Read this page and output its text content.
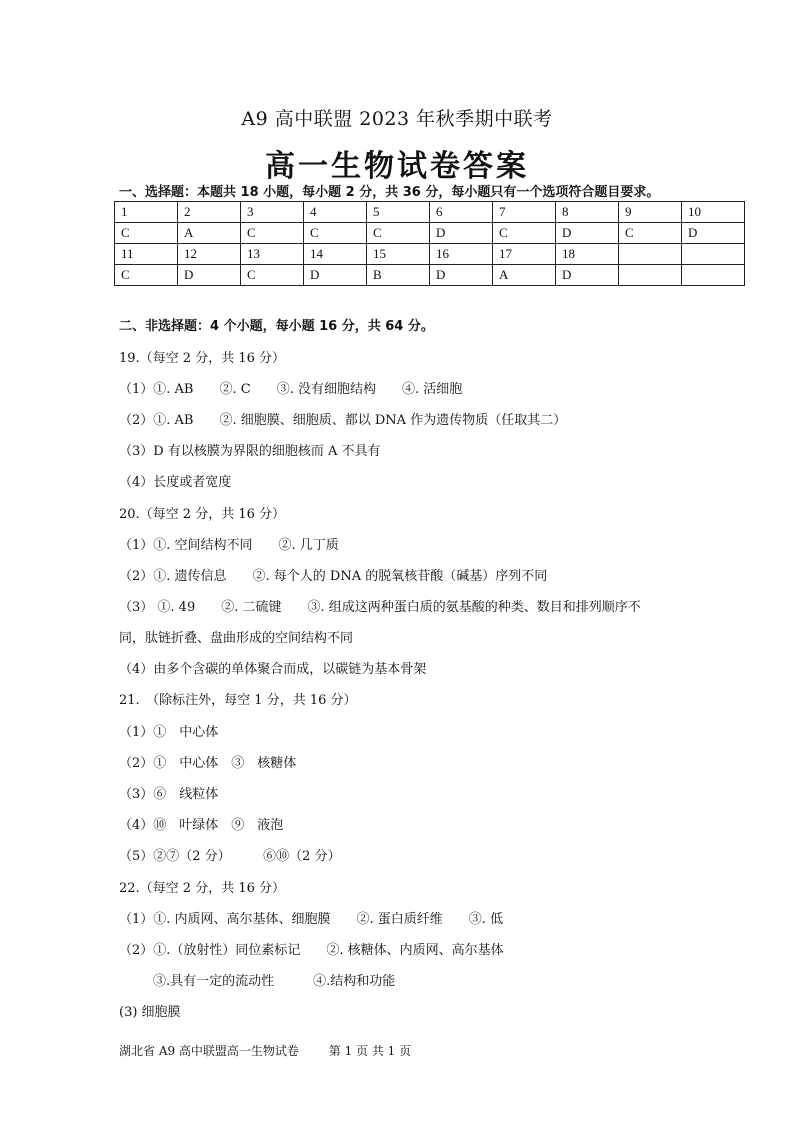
A9 高中联盟 2023 年秋季期中联考
高一生物试卷答案
一、选择题：本题共 18 小题，每小题 2 分，共 36 分，每小题只有一个选项符合题目要求。
1	2	3	4	5	6	7	8	9	10
C	A	C	C	C	D	C	D	C	D
11	12	13	14	15	16	17	18		
C	D	C	D	B	D	A	D		
二、非选择题：4 个小题，每小题 16 分，共 64 分。
19.（每空 2 分，共 16 分）
（1）①. AB　　②. C　　③. 没有细胞结构　　④. 活细胞
（2）①. AB　　②. 细胞膜、细胞质、都以 DNA 作为遗传物质（任取其二）
（3）D 有以核膜为界限的细胞核而 A 不具有
（4）长度或者宽度
20.（每空 2 分，共 16 分）
（1）①. 空间结构不同　　②. 几丁质
（2）①. 遗传信息　　②. 每个人的 DNA 的脱氧核苷酸（碱基）序列不同
（3） ①. 49　　②. 二硫键　　③. 组成这两种蛋白质的氨基酸的种类、数目和排列顺序不
同，肽链折叠、盘曲形成的空间结构不同
（4）由多个含碳的单体聚合而成，以碳链为基本骨架
21.　（除标注外，每空 1 分，共 16 分）
（1）①　中心体
（2）①　中心体　③　核糖体
（3）⑥　线粒体
（4）⑩　叶绿体　⑨　液泡
（5）②⑦（2 分）　　　⑥⑩（2 分）
22.（每空 2 分，共 16 分）
（1）①. 内质网、高尔基体、细胞膜　　②. 蛋白质纤维　　③. 低
（2）①.（放射性）同位素标记　　②. 核糖体、内质网、高尔基体
③.具有一定的流动性　　　④.结构和功能
(3) 细胞膜
湖北省 A9 高中联盟高一生物试卷 第 1 页 共 1 页
